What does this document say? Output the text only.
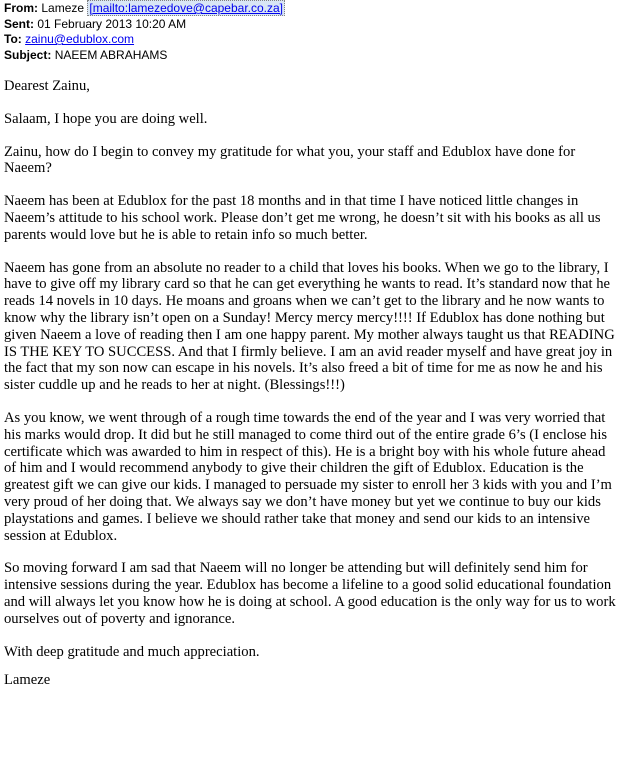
From: Lameze [mailto:lamezedove@capebar.co.za]
Sent: 01 February 2013 10:20 AM
To: zainu@edublox.com
Subject: NAEEM ABRAHAMS

Dearest Zainu,

Salaam, I hope you are doing well.

Zainu, how do I begin to convey my gratitude for what you, your staff and Edublox have done for Naeem?

Naeem has been at Edublox for the past 18 months and in that time I have noticed little changes in Naeem’s attitude to his school work. Please don’t get me wrong, he doesn’t sit with his books as all us parents would love but he is able to retain info so much better.

Naeem has gone from an absolute no reader to a child that loves his books. When we go to the library, I have to give off my library card so that he can get everything he wants to read. It’s standard now that he reads 14 novels in 10 days. He moans and groans when we can’t get to the library and he now wants to know why the library isn’t open on a Sunday! Mercy mercy mercy!!!! If Edublox has done nothing but given Naeem a love of reading then I am one happy parent. My mother always taught us that READING IS THE KEY TO SUCCESS. And that I firmly believe. I am an avid reader myself and have great joy in the fact that my son now can escape in his novels. It’s also freed a bit of time for me as now he and his sister cuddle up and he reads to her at night. (Blessings!!!)

As you know, we went through of a rough time towards the end of the year and I was very worried that his marks would drop. It did but he still managed to come third out of the entire grade 6’s (I enclose his certificate which was awarded to him in respect of this). He is a bright boy with his whole future ahead of him and I would recommend anybody to give their children the gift of Edublox. Education is the greatest gift we can give our kids. I managed to persuade my sister to enroll her 3 kids with you and I’m very proud of her doing that. We always say we don’t have money but yet we continue to buy our kids playstations and games. I believe we should rather take that money and send our kids to an intensive session at Edublox.

So moving forward I am sad that Naeem will no longer be attending but will definitely send him for intensive sessions during the year. Edublox has become a lifeline to a good solid educational foundation and will always let you know how he is doing at school. A good education is the only way for us to work ourselves out of poverty and ignorance.

With deep gratitude and much appreciation.

Lameze
